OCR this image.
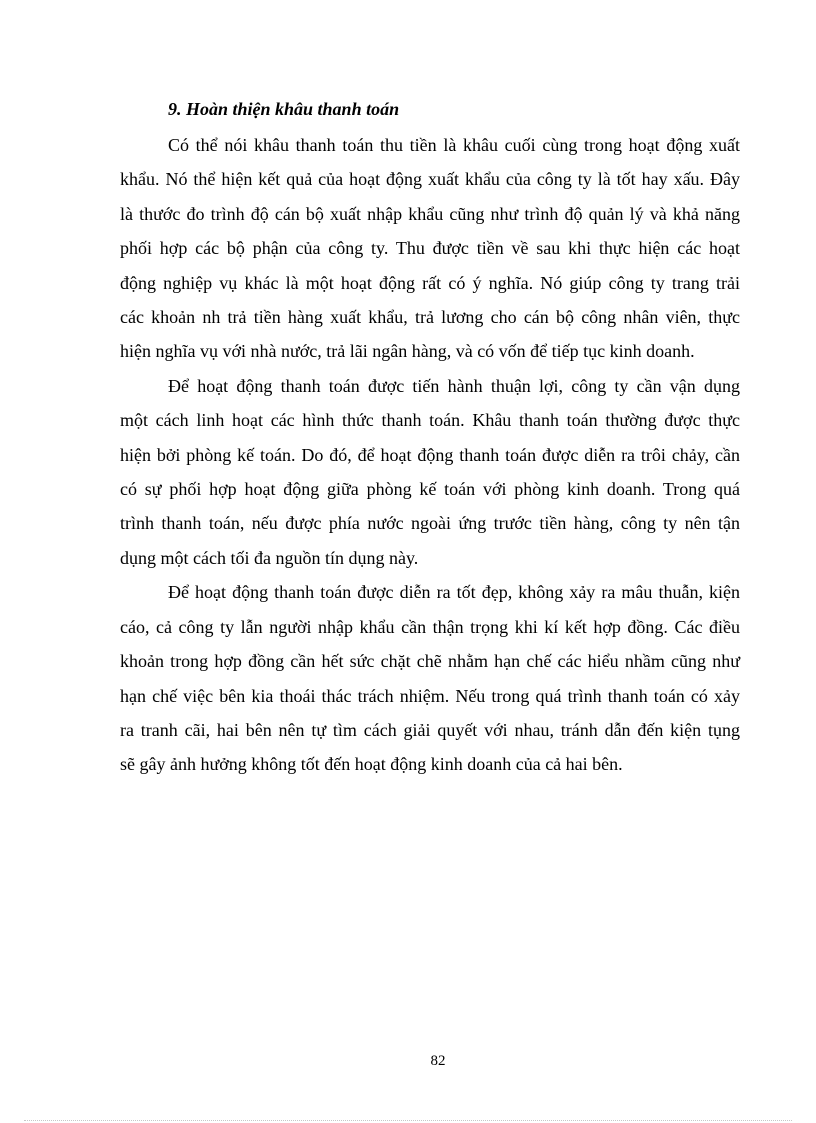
9. Hoàn thiện khâu thanh toán

Có thể nói khâu thanh toán thu tiền là khâu cuối cùng trong hoạt động xuất
khẩu. Nó thể hiện kết quả của hoạt động xuất khẩu của công ty là tốt hay xấu. Đây
là thước đo trình độ cán bộ xuất nhập khẩu cũng như trình độ quản lý và khả năng
phối hợp các bộ phận của công ty. Thu được tiền về sau khi thực hiện các hoạt
động nghiệp vụ khác là một hoạt động rất có ý nghĩa. Nó giúp công ty trang trải
các khoản nh trả tiền hàng xuất khẩu, trả lương cho cán bộ công nhân viên, thực
hiện nghĩa vụ với nhà nước, trả lãi ngân hàng, và có vốn để tiếp tục kinh doanh.

Để hoạt động thanh toán được tiến hành thuận lợi, công ty cần vận dụng
một cách linh hoạt các hình thức thanh toán. Khâu thanh toán thường được thực
hiện bởi phòng kế toán. Do đó, để hoạt động thanh toán được diễn ra trôi chảy, cần
có sự phối hợp hoạt động giữa phòng kế toán với phòng kinh doanh. Trong quá
trình thanh toán, nếu được phía nước ngoài ứng trước tiền hàng, công ty nên tận
dụng một cách tối đa nguồn tín dụng này.

Để hoạt động thanh toán được diễn ra tốt đẹp, không xảy ra mâu thuẫn, kiện
cáo, cả công ty lẫn người nhập khẩu cần thận trọng khi kí kết hợp đồng. Các điều
khoản trong hợp đồng cần hết sức chặt chẽ nhằm hạn chế các hiểu nhầm cũng như
hạn chế việc bên kia thoái thác trách nhiệm. Nếu trong quá trình thanh toán có xảy
ra tranh cãi, hai bên nên tự tìm cách giải quyết với nhau, tránh dẫn đến kiện tụng
sẽ gây ảnh hưởng không tốt đến hoạt động kinh doanh của cả hai bên.

82
